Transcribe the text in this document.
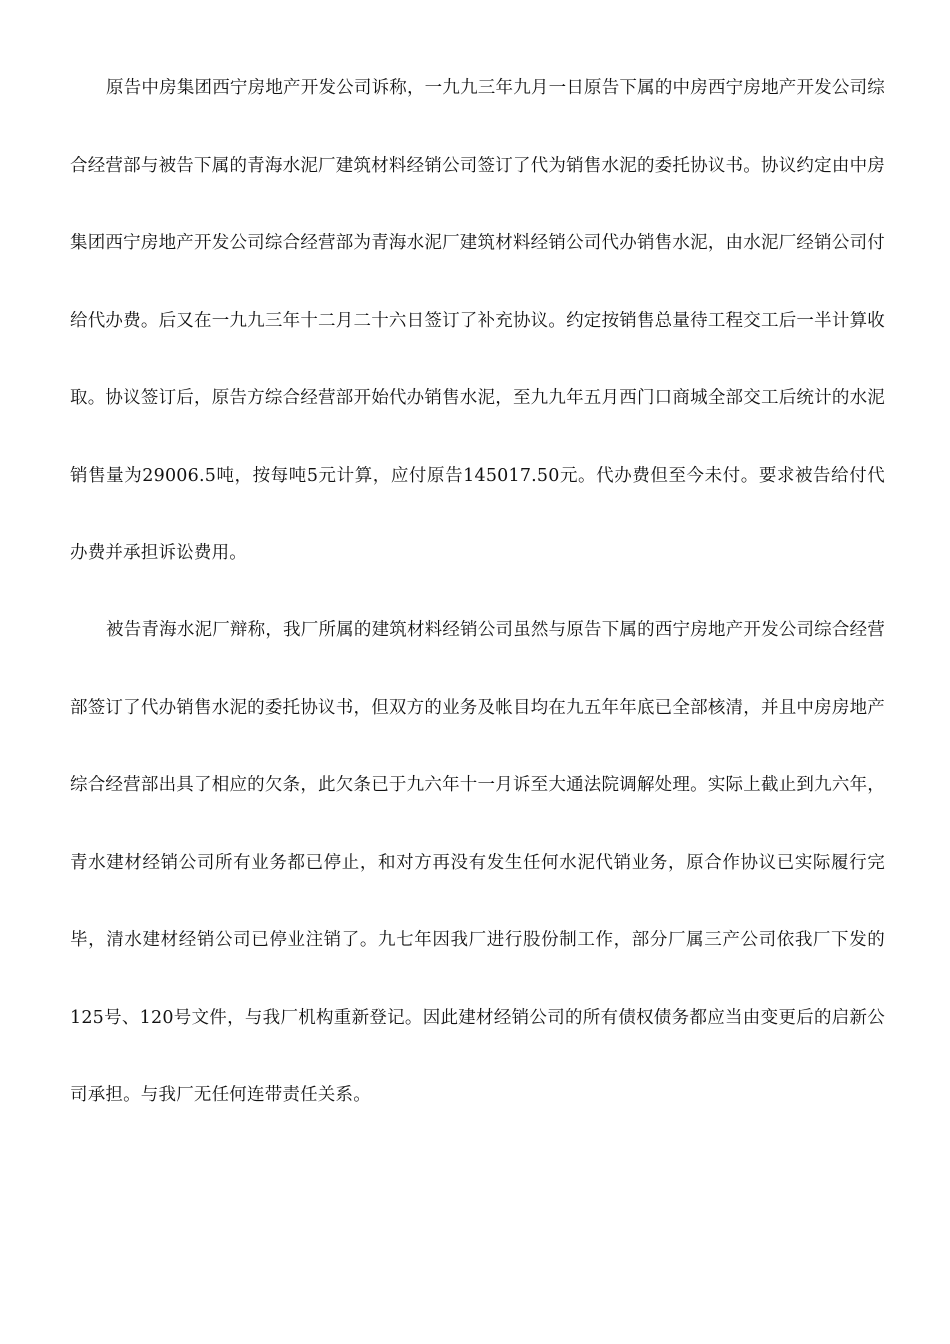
原告中房集团西宁房地产开发公司诉称，一九九三年九月一日原告下属的中房西宁房地产开发公司综合经营部与被告下属的青海水泥厂建筑材料经销公司签订了代为销售水泥的委托协议书。协议约定由中房集团西宁房地产开发公司综合经营部为青海水泥厂建筑材料经销公司代办销售水泥，由水泥厂经销公司付给代办费。后又在一九九三年十二月二十六日签订了补充协议。约定按销售总量待工程交工后一半计算收取。协议签订后，原告方综合经营部开始代办销售水泥，至九九年五月西门口商城全部交工后统计的水泥销售量为29006.5吨，按每吨5元计算，应付原告145017.50元。代办费但至今未付。要求被告给付代办费并承担诉讼费用。

被告青海水泥厂辩称，我厂所属的建筑材料经销公司虽然与原告下属的西宁房地产开发公司综合经营部签订了代办销售水泥的委托协议书，但双方的业务及帐目均在九五年年底已全部核清，并且中房房地产综合经营部出具了相应的欠条，此欠条已于九六年十一月诉至大通法院调解处理。实际上截止到九六年，青水建材经销公司所有业务都已停止，和对方再没有发生任何水泥代销业务，原合作协议已实际履行完毕，清水建材经销公司已停业注销了。九七年因我厂进行股份制工作，部分厂属三产公司依我厂下发的125号、120号文件，与我厂机构重新登记。因此建材经销公司的所有债权债务都应当由变更后的启新公司承担。与我厂无任何连带责任关系。
